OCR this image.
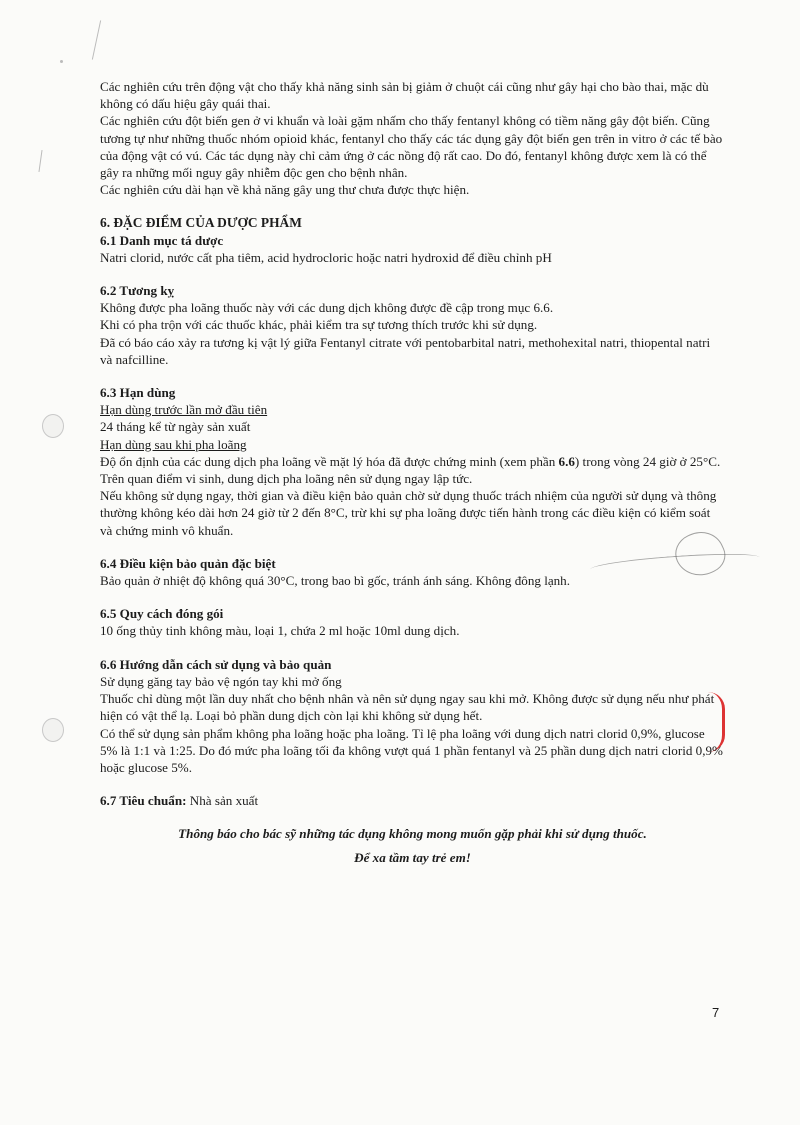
Các nghiên cứu trên động vật cho thấy khả năng sinh sản bị giảm ở chuột cái cũng như gây hại cho bào thai, mặc dù không có dấu hiệu gây quái thai.

Các nghiên cứu đột biến gen ở vi khuẩn và loài gặm nhấm cho thấy fentanyl không có tiềm năng gây đột biến. Cũng tương tự như những thuốc nhóm opioid khác, fentanyl cho thấy các tác dụng gây đột biến gen trên in vitro ở các tế bào của động vật có vú. Các tác dụng này chỉ cảm ứng ở các nồng độ rất cao. Do đó, fentanyl không được xem là có thể gây ra những mối nguy gây nhiễm độc gen cho bệnh nhân.

Các nghiên cứu dài hạn về khả năng gây ung thư chưa được thực hiện.

6. ĐẶC ĐIỂM CỦA DƯỢC PHẨM

6.1 Danh mục tá dược

Natri clorid, nước cất pha tiêm, acid hydrocloric hoặc natri hydroxid để điều chỉnh pH

6.2 Tương kỵ

Không được pha loãng thuốc này với các dung dịch không được đề cập trong mục 6.6.

Khi có pha trộn với các thuốc khác, phải kiểm tra sự tương thích trước khi sử dụng.

Đã có báo cáo xảy ra tương kị vật lý giữa Fentanyl citrate với pentobarbital natri, methohexital natri, thiopental natri và nafcilline.

6.3 Hạn dùng

Hạn dùng trước lần mở đầu tiên

24 tháng kể từ ngày sản xuất

Hạn dùng sau khi pha loãng

Độ ổn định của các dung dịch pha loãng về mặt lý hóa đã được chứng minh (xem phần 6.6) trong vòng 24 giờ ở 25°C.

Trên quan điểm vi sinh, dung dịch pha loãng nên sử dụng ngay lập tức.

Nếu không sử dụng ngay, thời gian và điều kiện bảo quản chờ sử dụng thuốc trách nhiệm của người sử dụng và thông thường không kéo dài hơn 24 giờ từ 2 đến 8°C, trừ khi sự pha loãng được tiến hành trong các điều kiện có kiểm soát và chứng minh vô khuẩn.

6.4 Điều kiện bảo quản đặc biệt

Bảo quản ở nhiệt độ không quá 30°C, trong bao bì gốc, tránh ánh sáng. Không đông lạnh.

6.5 Quy cách đóng gói

10 ống thủy tinh không màu, loại 1, chứa 2 ml hoặc 10ml dung dịch.

6.6 Hướng dẫn cách sử dụng và bảo quản

Sử dụng găng tay bảo vệ ngón tay khi mở ống

Thuốc chỉ dùng một lần duy nhất cho bệnh nhân và nên sử dụng ngay sau khi mở. Không được sử dụng nếu như phát hiện có vật thể lạ. Loại bỏ phần dung dịch còn lại khi không sử dụng hết.

Có thể sử dụng sản phẩm không pha loãng hoặc pha loãng. Tỉ lệ pha loãng với dung dịch natri clorid 0,9%, glucose 5% là 1:1 và 1:25. Do đó mức pha loãng tối đa không vượt quá 1 phần fentanyl và 25 phần dung dịch natri clorid 0,9% hoặc glucose 5%.

6.7 Tiêu chuẩn: Nhà sản xuất

Thông báo cho bác sỹ những tác dụng không mong muốn gặp phải khi sử dụng thuốc.

Để xa tầm tay trẻ em!

7
